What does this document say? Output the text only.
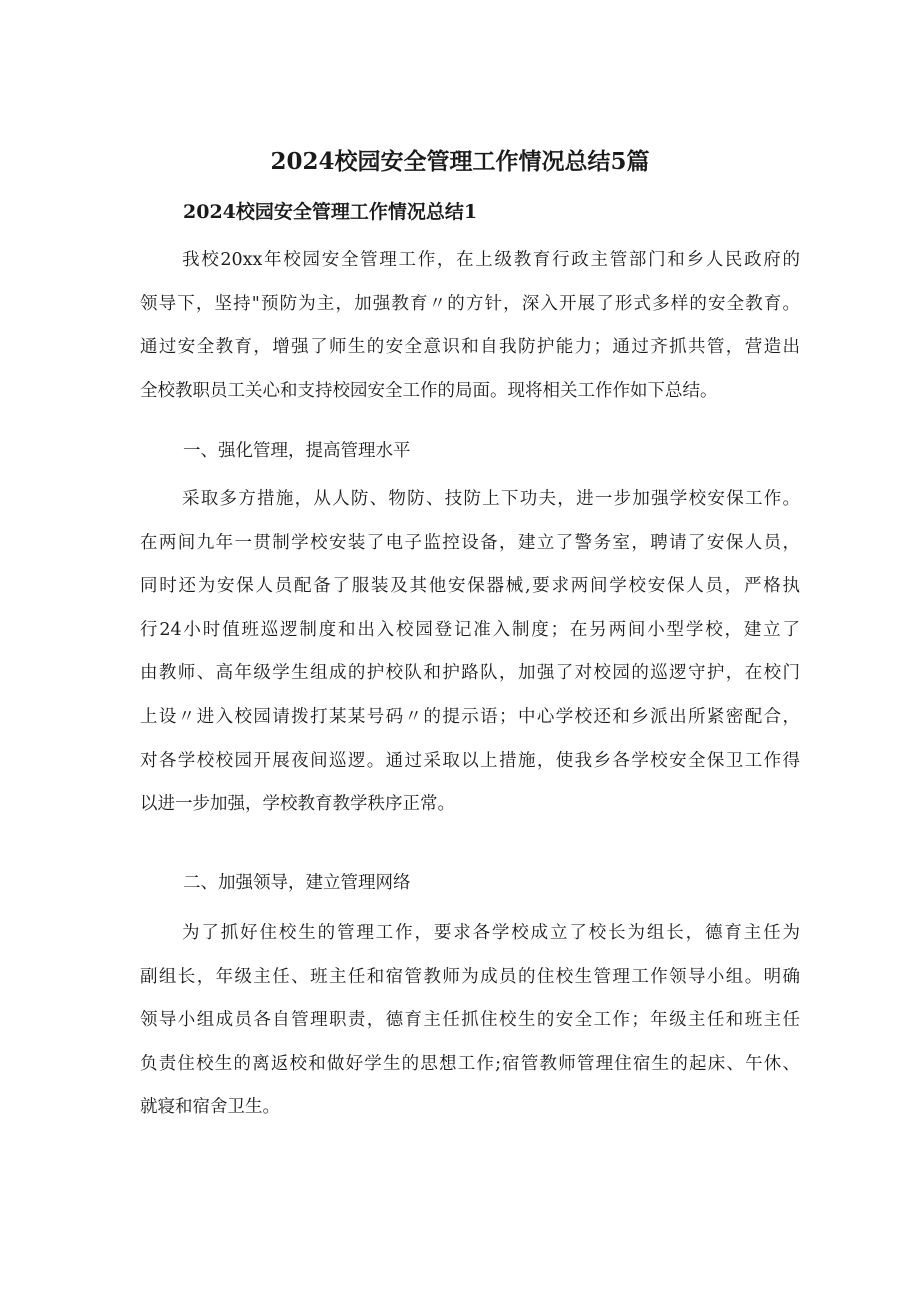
2024校园安全管理工作情况总结5篇
2024校园安全管理工作情况总结1
我校20xx年校园安全管理工作，在上级教育行政主管部门和乡人民政府的
领导下，坚持"预防为主，加强教育〃的方针，深入开展了形式多样的安全教育。
通过安全教育，增强了师生的安全意识和自我防护能力；通过齐抓共管，营造出
全校教职员工关心和支持校园安全工作的局面。现将相关工作作如下总结。

一、强化管理，提高管理水平

采取多方措施，从人防、物防、技防上下功夫，进一步加强学校安保工作。
在两间九年一贯制学校安装了电子监控设备，建立了警务室，聘请了安保人员，
同时还为安保人员配备了服装及其他安保器械,要求两间学校安保人员，严格执
行24小时值班巡逻制度和出入校园登记准入制度；在另两间小型学校，建立了
由教师、高年级学生组成的护校队和护路队，加强了对校园的巡逻守护，在校门
上设〃进入校园请拨打某某号码〃的提示语；中心学校还和乡派出所紧密配合，
对各学校校园开展夜间巡逻。通过采取以上措施，使我乡各学校安全保卫工作得
以进一步加强，学校教育教学秩序正常。

二、加强领导，建立管理网络

为了抓好住校生的管理工作，要求各学校成立了校长为组长，德育主任为
副组长，年级主任、班主任和宿管教师为成员的住校生管理工作领导小组。明确
领导小组成员各自管理职责，德育主任抓住校生的安全工作；年级主任和班主任
负责住校生的离返校和做好学生的思想工作;宿管教师管理住宿生的起床、午休、
就寝和宿舍卫生。
